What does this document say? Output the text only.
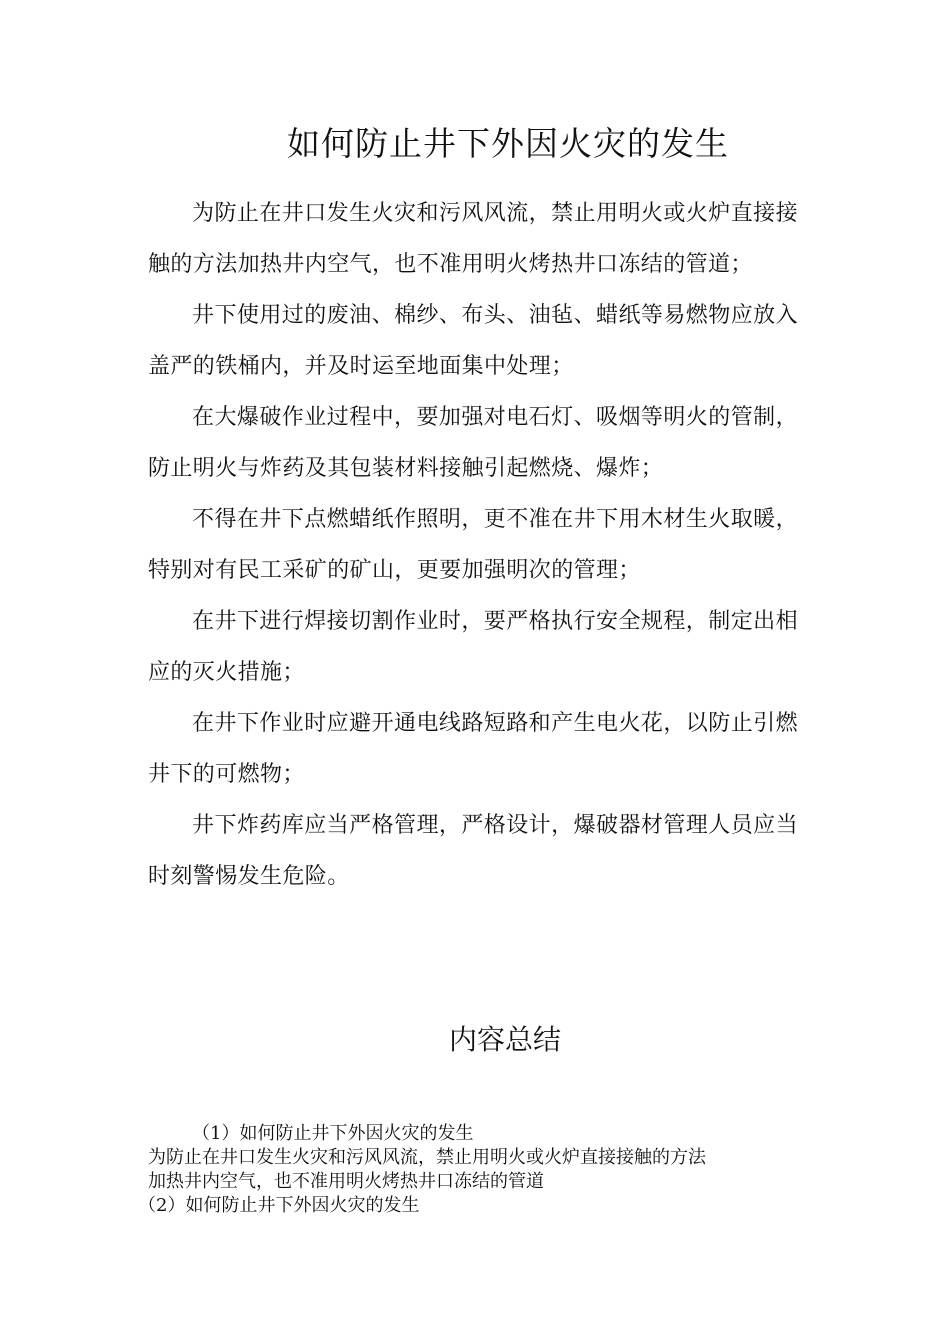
如何防止井下外因火灾的发生

为防止在井口发生火灾和污风风流，禁止用明火或火炉直接接触的方法加热井内空气，也不准用明火烤热井口冻结的管道；

井下使用过的废油、棉纱、布头、油毡、蜡纸等易燃物应放入盖严的铁桶内，并及时运至地面集中处理；

在大爆破作业过程中，要加强对电石灯、吸烟等明火的管制，防止明火与炸药及其包装材料接触引起燃烧、爆炸；

不得在井下点燃蜡纸作照明，更不准在井下用木材生火取暖，特别对有民工采矿的矿山，更要加强明次的管理；

在井下进行焊接切割作业时，要严格执行安全规程，制定出相应的灭火措施；

在井下作业时应避开通电线路短路和产生电火花，以防止引燃井下的可燃物；

井下炸药库应当严格管理，严格设计，爆破器材管理人员应当时刻警惕发生危险。

内容总结

（1）如何防止井下外因火灾的发生

为防止在井口发生火灾和污风风流，禁止用明火或火炉直接接触的方法

加热井内空气，也不准用明火烤热井口冻结的管道

（2）如何防止井下外因火灾的发生
